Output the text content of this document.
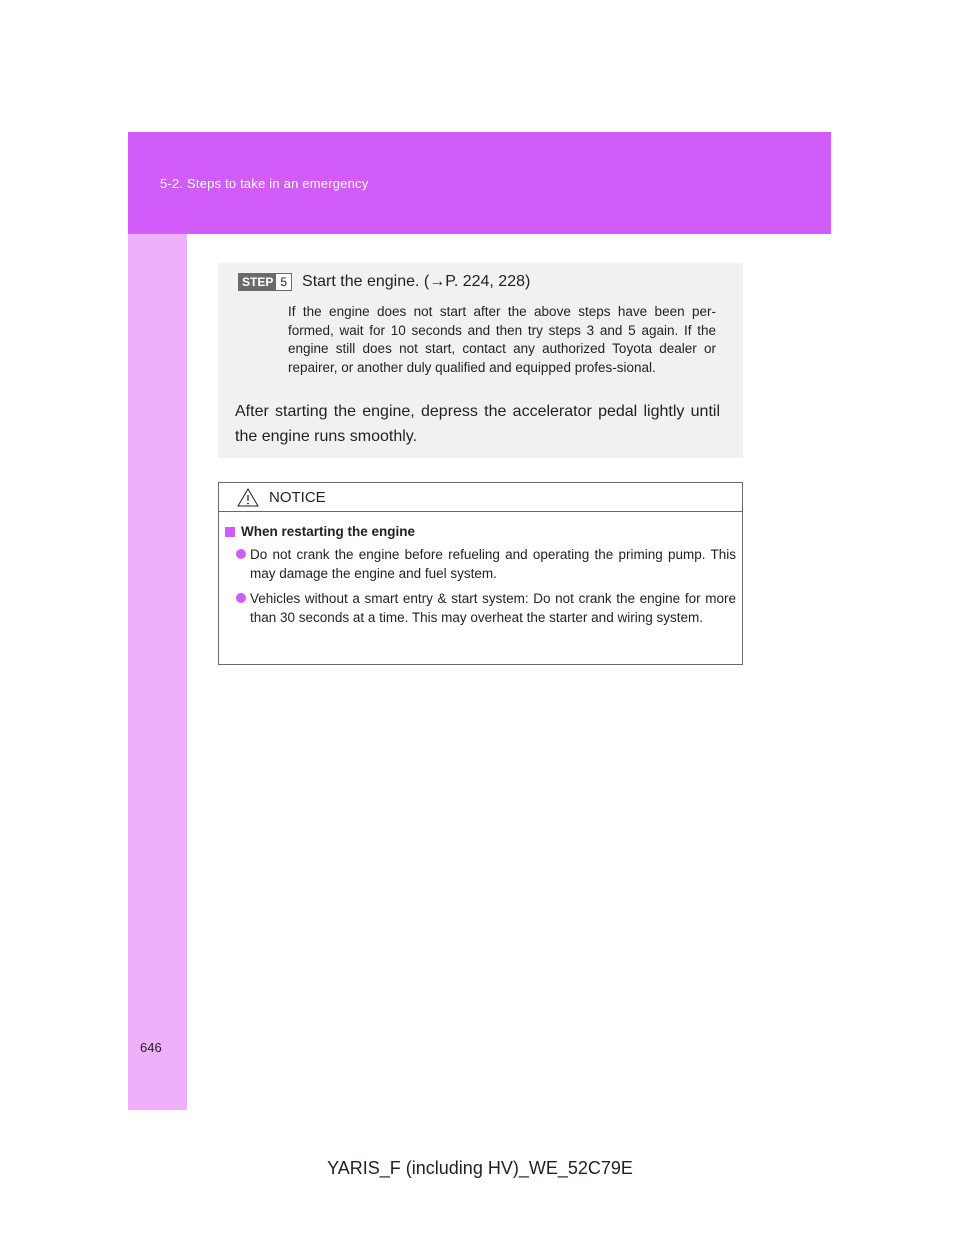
5-2. Steps to take in an emergency
STEP 5 Start the engine. (→P. 224, 228)
If the engine does not start after the above steps have been per-formed, wait for 10 seconds and then try steps 3 and 5 again. If the engine still does not start, contact any authorized Toyota dealer or repairer, or another duly qualified and equipped profes-sional.
After starting the engine, depress the accelerator pedal lightly until the engine runs smoothly.
NOTICE
When restarting the engine
Do not crank the engine before refueling and operating the priming pump. This may damage the engine and fuel system.
Vehicles without a smart entry & start system: Do not crank the engine for more than 30 seconds at a time. This may overheat the starter and wiring system.
646
YARIS_F (including HV)_WE_52C79E
